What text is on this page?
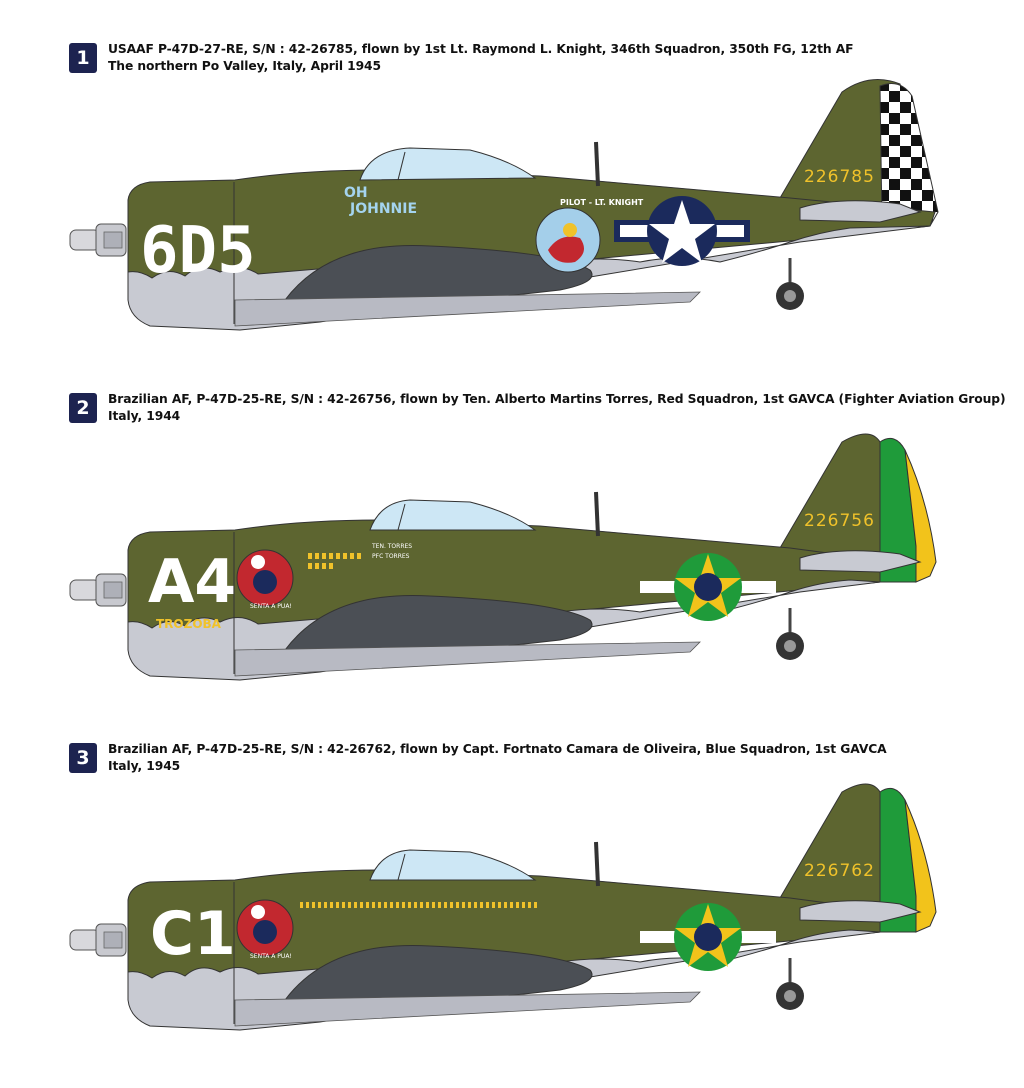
1	USAAF P-47D-27-RE, S/N : 42-26785, flown by 1st Lt. Raymond L. Knight, 346th Squadron, 350th FG, 12th AF
The northern Po Valley, Italy, April 1945
6D5
OH
JOHNNIE	PILOT - LT. KNIGHT
226785
2	Brazilian AF, P-47D-25-RE, S/N : 42-26756, flown by Ten. Alberto Martins Torres, Red Squadron, 1st GAVCA (Fighter Aviation Group)
Italy, 1944
A4
TROZOBA
SENTA A PUA!
TEN. TORRES
PFC TORRES
226756
3	Brazilian AF, P-47D-25-RE, S/N : 42-26762, flown by Capt. Fortnato Camara de Oliveira, Blue Squadron, 1st GAVCA
Italy, 1945
C1 SENTA A PUA!
226762
